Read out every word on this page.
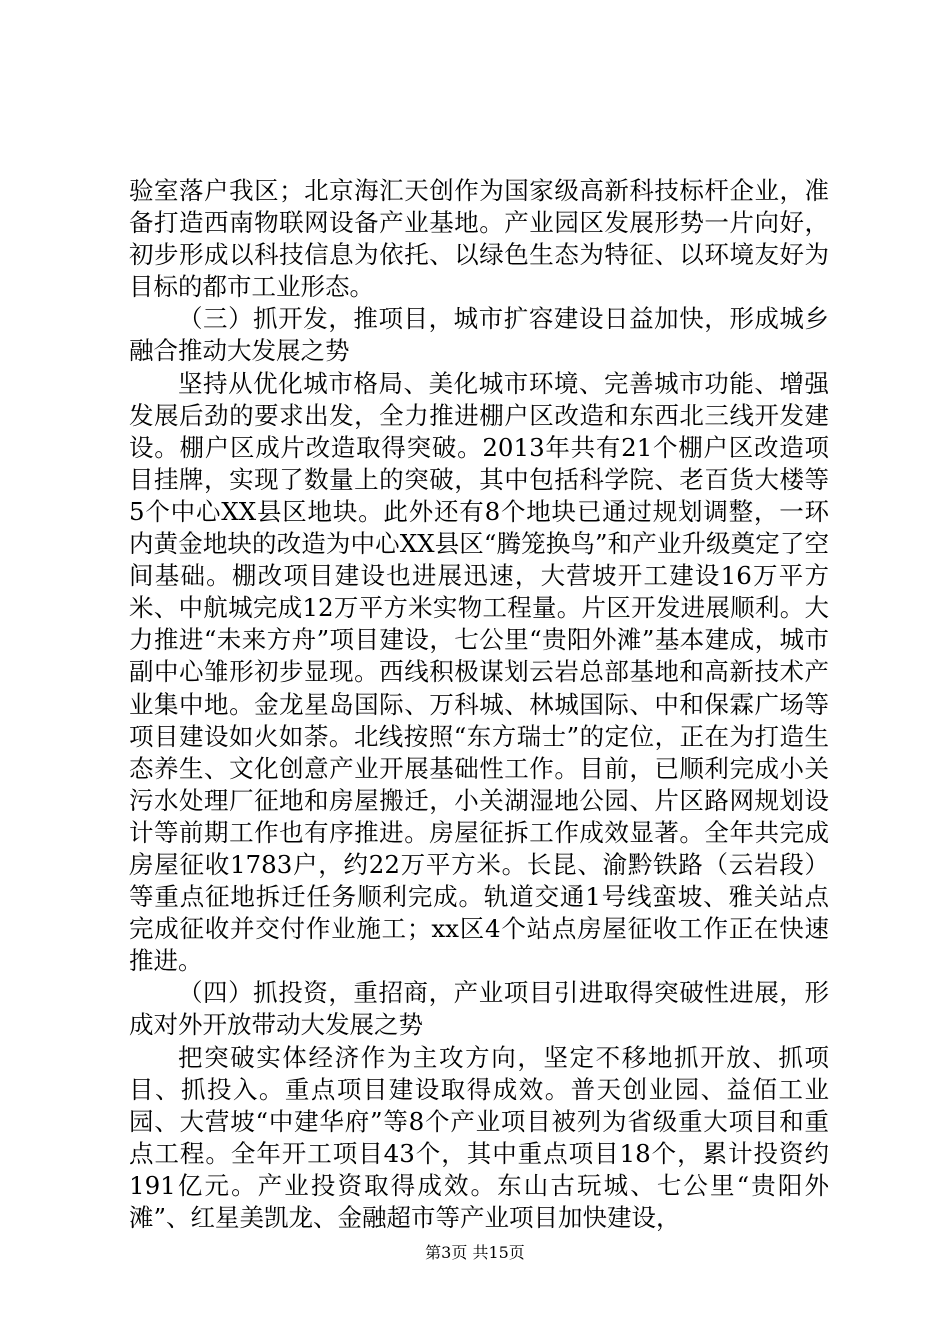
验室落户我区；北京海汇天创作为国家级高新科技标杆企业，准备打造西南物联网设备产业基地。产业园区发展形势一片向好，初步形成以科技信息为依托、以绿色生态为特征、以环境友好为目标的都市工业形态。

（三）抓开发，推项目，城市扩容建设日益加快，形成城乡融合推动大发展之势

坚持从优化城市格局、美化城市环境、完善城市功能、增强发展后劲的要求出发，全力推进棚户区改造和东西北三线开发建设。棚户区成片改造取得突破。2013年共有21个棚户区改造项目挂牌，实现了数量上的突破，其中包括科学院、老百货大楼等5个中心XX县区地块。此外还有8个地块已通过规划调整，一环内黄金地块的改造为中心XX县区“腾笼换鸟”和产业升级奠定了空间基础。棚改项目建设也进展迅速，大营坡开工建设16万平方米、中航城完成12万平方米实物工程量。片区开发进展顺利。大力推进“未来方舟”项目建设，七公里“贵阳外滩”基本建成，城市副中心雏形初步显现。西线积极谋划云岩总部基地和高新技术产业集中地。金龙星岛国际、万科城、林城国际、中和保霖广场等项目建设如火如荼。北线按照“东方瑞士”的定位，正在为打造生态养生、文化创意产业开展基础性工作。目前，已顺利完成小关污水处理厂征地和房屋搬迁，小关湖湿地公园、片区路网规划设计等前期工作也有序推进。房屋征拆工作成效显著。全年共完成房屋征收1783户，约22万平方米。长昆、渝黔铁路（云岩段）等重点征地拆迁任务顺利完成。轨道交通1号线蛮坡、雅关站点完成征收并交付作业施工；xx区4个站点房屋征收工作正在快速推进。

（四）抓投资，重招商，产业项目引进取得突破性进展，形成对外开放带动大发展之势

把突破实体经济作为主攻方向，坚定不移地抓开放、抓项目、抓投入。重点项目建设取得成效。普天创业园、益佰工业园、大营坡“中建华府”等8个产业项目被列为省级重大项目和重点工程。全年开工项目43个，其中重点项目18个，累计投资约191亿元。产业投资取得成效。东山古玩城、七公里“贵阳外滩”、红星美凯龙、金融超市等产业项目加快建设，

第3页 共15页
